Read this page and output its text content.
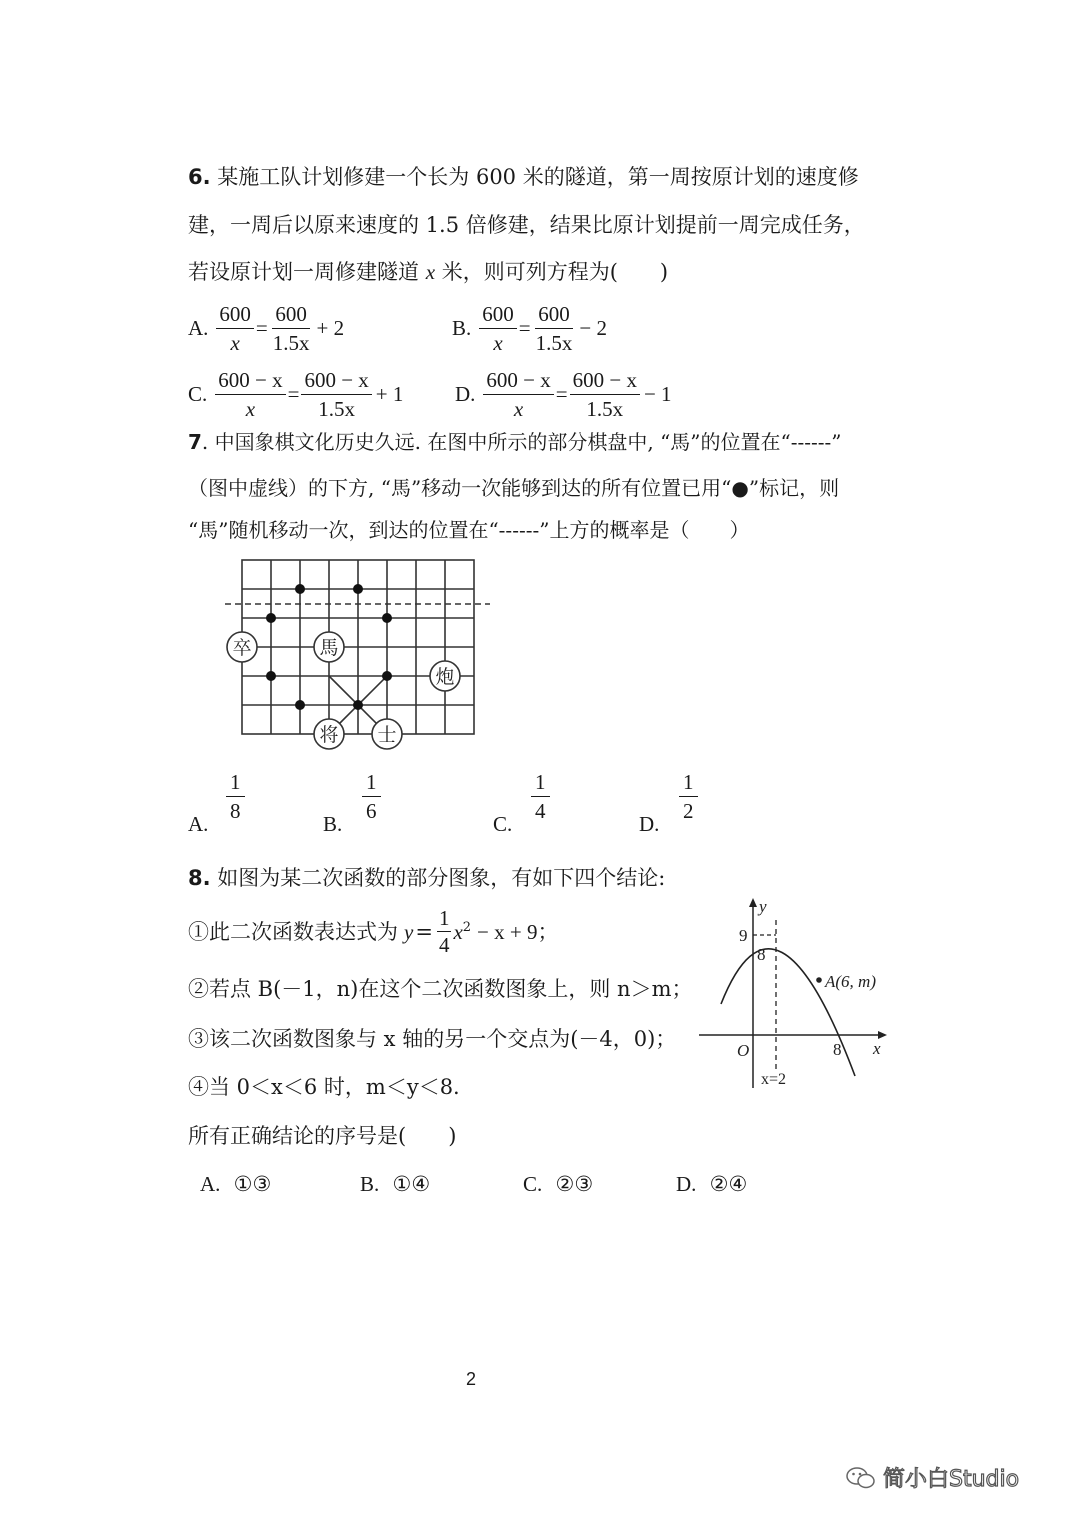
6. 某施工队计划修建一个长为 600 米的隧道，第一周按原计划的速度修
建，一周后以原来速度的 1.5 倍修建，结果比原计划提前一周完成任务，
若设原计划一周修建隧道 x 米，则可列方程为(　　)
A. $\frac{600}{x} = \frac{600}{1.5x} + 2$	B. $\frac{600}{x} = \frac{600}{1.5x} - 2$
C. $\frac{600 - x}{x} = \frac{600 - x}{1.5x} + 1$ D. $\frac{600 - x}{x} = \frac{600 - x}{1.5x} - 1$
7. 中国象棋文化历史久远. 在图中所示的部分棋盘中, “馬”的位置在“------”
（图中虚线）的下方, “馬”移动一次能够到达的所有位置已用“●”标记，则
“馬”随机移动一次，到达的位置在“------”上方的概率是（　　）
卒	馬
炮
将 士
A.
$\frac{1}{8}$
B.
$\frac{1}{6}$
C.
$\frac{1}{4}$
D.
$\frac{1}{2}$
8. 如图为某二次函数的部分图象，有如下四个结论:
①此二次函数表达式为 $y = \frac{1}{4} x^2 - x + 9$；
②若点 B(－1，n)在这个二次函数图象上，则 n＞m；
③该二次函数图象与 x 轴的另一个交点为(－4，0)；
④当 0＜x＜6 时，m＜y＜8.
所有正确结论的序号是(　　)
A. ①③	B. ①④	C. ②③	D. ②④
y
x
O
9
8
8
A(6, m)
x=2
2
简小白Studio
